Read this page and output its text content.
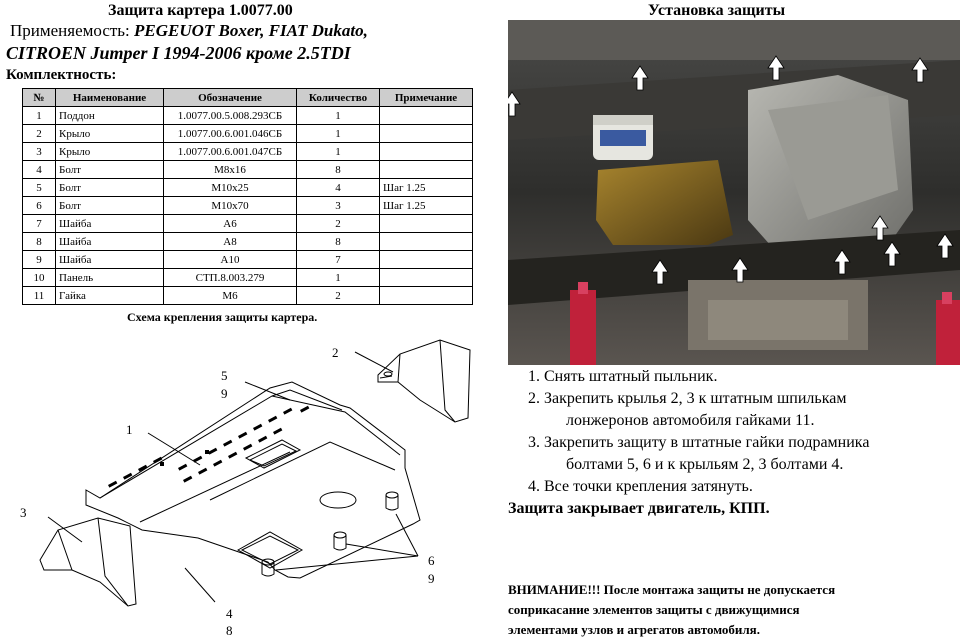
Защита картера 1.0077.00
Применяемость: PEGEUOT Boxer, FIAT Dukato,
CITROEN Jumper I 1994-2006 кроме 2.5TDI
Комплектность:
№	Наименование	Обозначение	Количество	Примечание
1	Поддон	1.0077.00.5.008.293СБ	1	
2	Крыло	1.0077.00.6.001.046СБ	1	
3	Крыло	1.0077.00.6.001.047СБ	1	
4	Болт	М8х16	8	
5	Болт	М10х25	4	Шаг 1.25
6	Болт	М10х70	3	Шаг 1.25
7	Шайба	А6	2	
8	Шайба	А8	8	
9	Шайба	А10	7	
10	Панель	СТП.8.003.279	1	
11	Гайка	М6	2	
Схема крепления защиты картера.
2
5
9
1
3
6
9
4
8
Установка защиты
1. Снять штатный пыльник.
2. Закрепить крылья 2, 3 к штатным шпилькам
лонжеронов автомобиля гайками 11.
3. Закрепить защиту в штатные гайки подрамника
болтами 5, 6 и к крыльям 2, 3 болтами 4.
4. Все точки крепления затянуть.
Защита закрывает двигатель, КПП.
ВНИМАНИЕ!!! После монтажа защиты не допускается
соприкасание элементов защиты с движущимися
элементами узлов и агрегатов автомобиля.
